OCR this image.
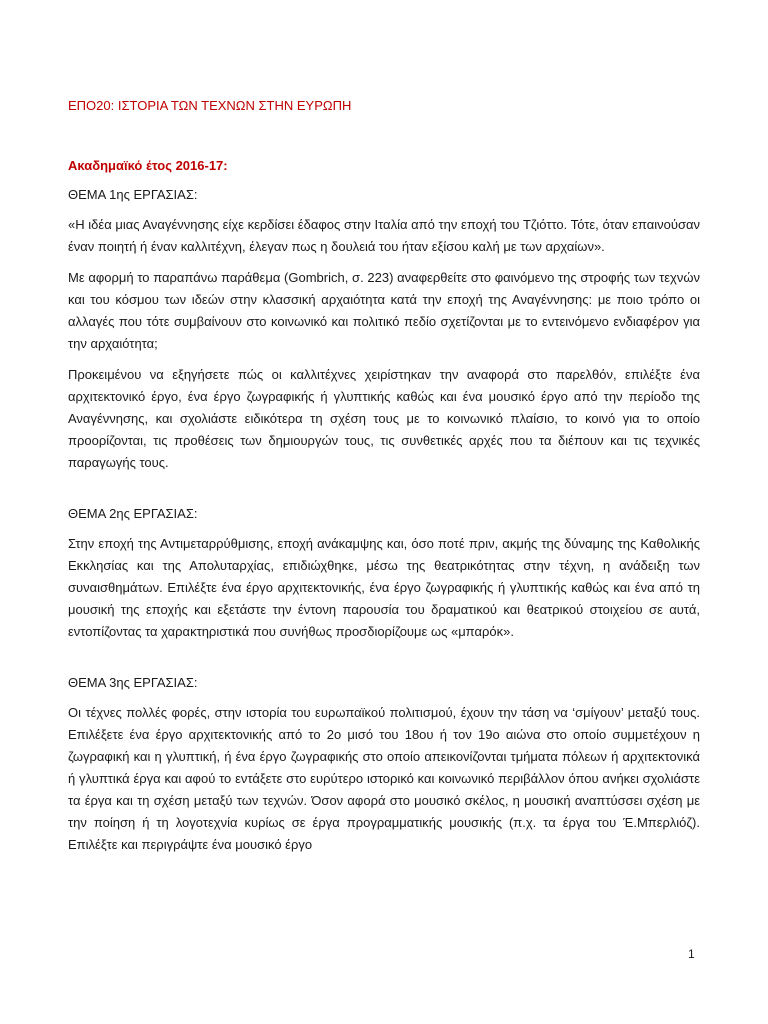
ΕΠΟ20: ΙΣΤΟΡΙΑ ΤΩΝ ΤΕΧΝΩΝ ΣΤΗΝ ΕΥΡΩΠΗ

Ακαδημαϊκό έτος 2016-17:

ΘΕΜΑ 1ης ΕΡΓΑΣΙΑΣ:

«Η ιδέα μιας Αναγέννησης είχε κερδίσει έδαφος στην Ιταλία από την εποχή του Τζιόττο. Τότε, όταν επαινούσαν έναν ποιητή ή έναν καλλιτέχνη, έλεγαν πως η δουλειά του ήταν εξίσου καλή με των αρχαίων».

Με αφορμή το παραπάνω παράθεμα (Gombrich, σ. 223) αναφερθείτε στο φαινόμενο της στροφής των τεχνών και του κόσμου των ιδεών στην κλασσική αρχαιότητα κατά την εποχή της Αναγέννησης: με ποιο τρόπο οι αλλαγές που τότε συμβαίνουν στο κοινωνικό και πολιτικό πεδίο σχετίζονται με το εντεινόμενο ενδιαφέρον για την αρχαιότητα;

Προκειμένου να εξηγήσετε πώς οι καλλιτέχνες χειρίστηκαν την αναφορά στο παρελθόν, επιλέξτε ένα αρχιτεκτονικό έργο, ένα έργο ζωγραφικής ή γλυπτικής καθώς και ένα μουσικό έργο από την περίοδο της Αναγέννησης, και σχολιάστε ειδικότερα τη σχέση τους με το κοινωνικό πλαίσιο, το κοινό για το οποίο προορίζονται, τις προθέσεις των δημιουργών τους, τις συνθετικές αρχές που τα διέπουν και τις τεχνικές παραγωγής τους.

ΘΕΜΑ 2ης ΕΡΓΑΣΙΑΣ:

Στην εποχή της Αντιμεταρρύθμισης, εποχή ανάκαμψης και, όσο ποτέ πριν, ακμής της δύναμης της Καθολικής Εκκλησίας και της Απολυταρχίας, επιδιώχθηκε, μέσω της θεατρικότητας στην τέχνη, η ανάδειξη των συναισθημάτων. Επιλέξτε ένα έργο αρχιτεκτονικής, ένα έργο ζωγραφικής ή γλυπτικής καθώς και ένα από τη μουσική της εποχής και εξετάστε την έντονη παρουσία του δραματικού και θεατρικού στοιχείου σε αυτά, εντοπίζοντας τα χαρακτηριστικά που συνήθως προσδιορίζουμε ως «μπαρόκ».

ΘΕΜΑ 3ης ΕΡΓΑΣΙΑΣ:

Οι τέχνες πολλές φορές, στην ιστορία του ευρωπαϊκού πολιτισμού, έχουν την τάση να ‘σμίγουν’ μεταξύ τους. Επιλέξετε ένα έργο αρχιτεκτονικής από το 2ο μισό του 18ου ή τον 19ο αιώνα στο οποίο συμμετέχουν η ζωγραφική και η γλυπτική, ή ένα έργο ζωγραφικής στο οποίο απεικονίζονται τμήματα πόλεων ή αρχιτεκτονικά ή γλυπτικά έργα και αφού το εντάξετε στο ευρύτερο ιστορικό και κοινωνικό περιβάλλον όπου ανήκει σχολιάστε τα έργα και τη σχέση μεταξύ των τεχνών. Όσον αφορά στο μουσικό σκέλος, η μουσική αναπτύσσει σχέση με την ποίηση ή τη λογοτεχνία κυρίως σε έργα προγραμματικής μουσικής (π.χ. τα έργα του Έ.Μπερλιόζ). Επιλέξτε και περιγράψτε ένα μουσικό έργο

1
